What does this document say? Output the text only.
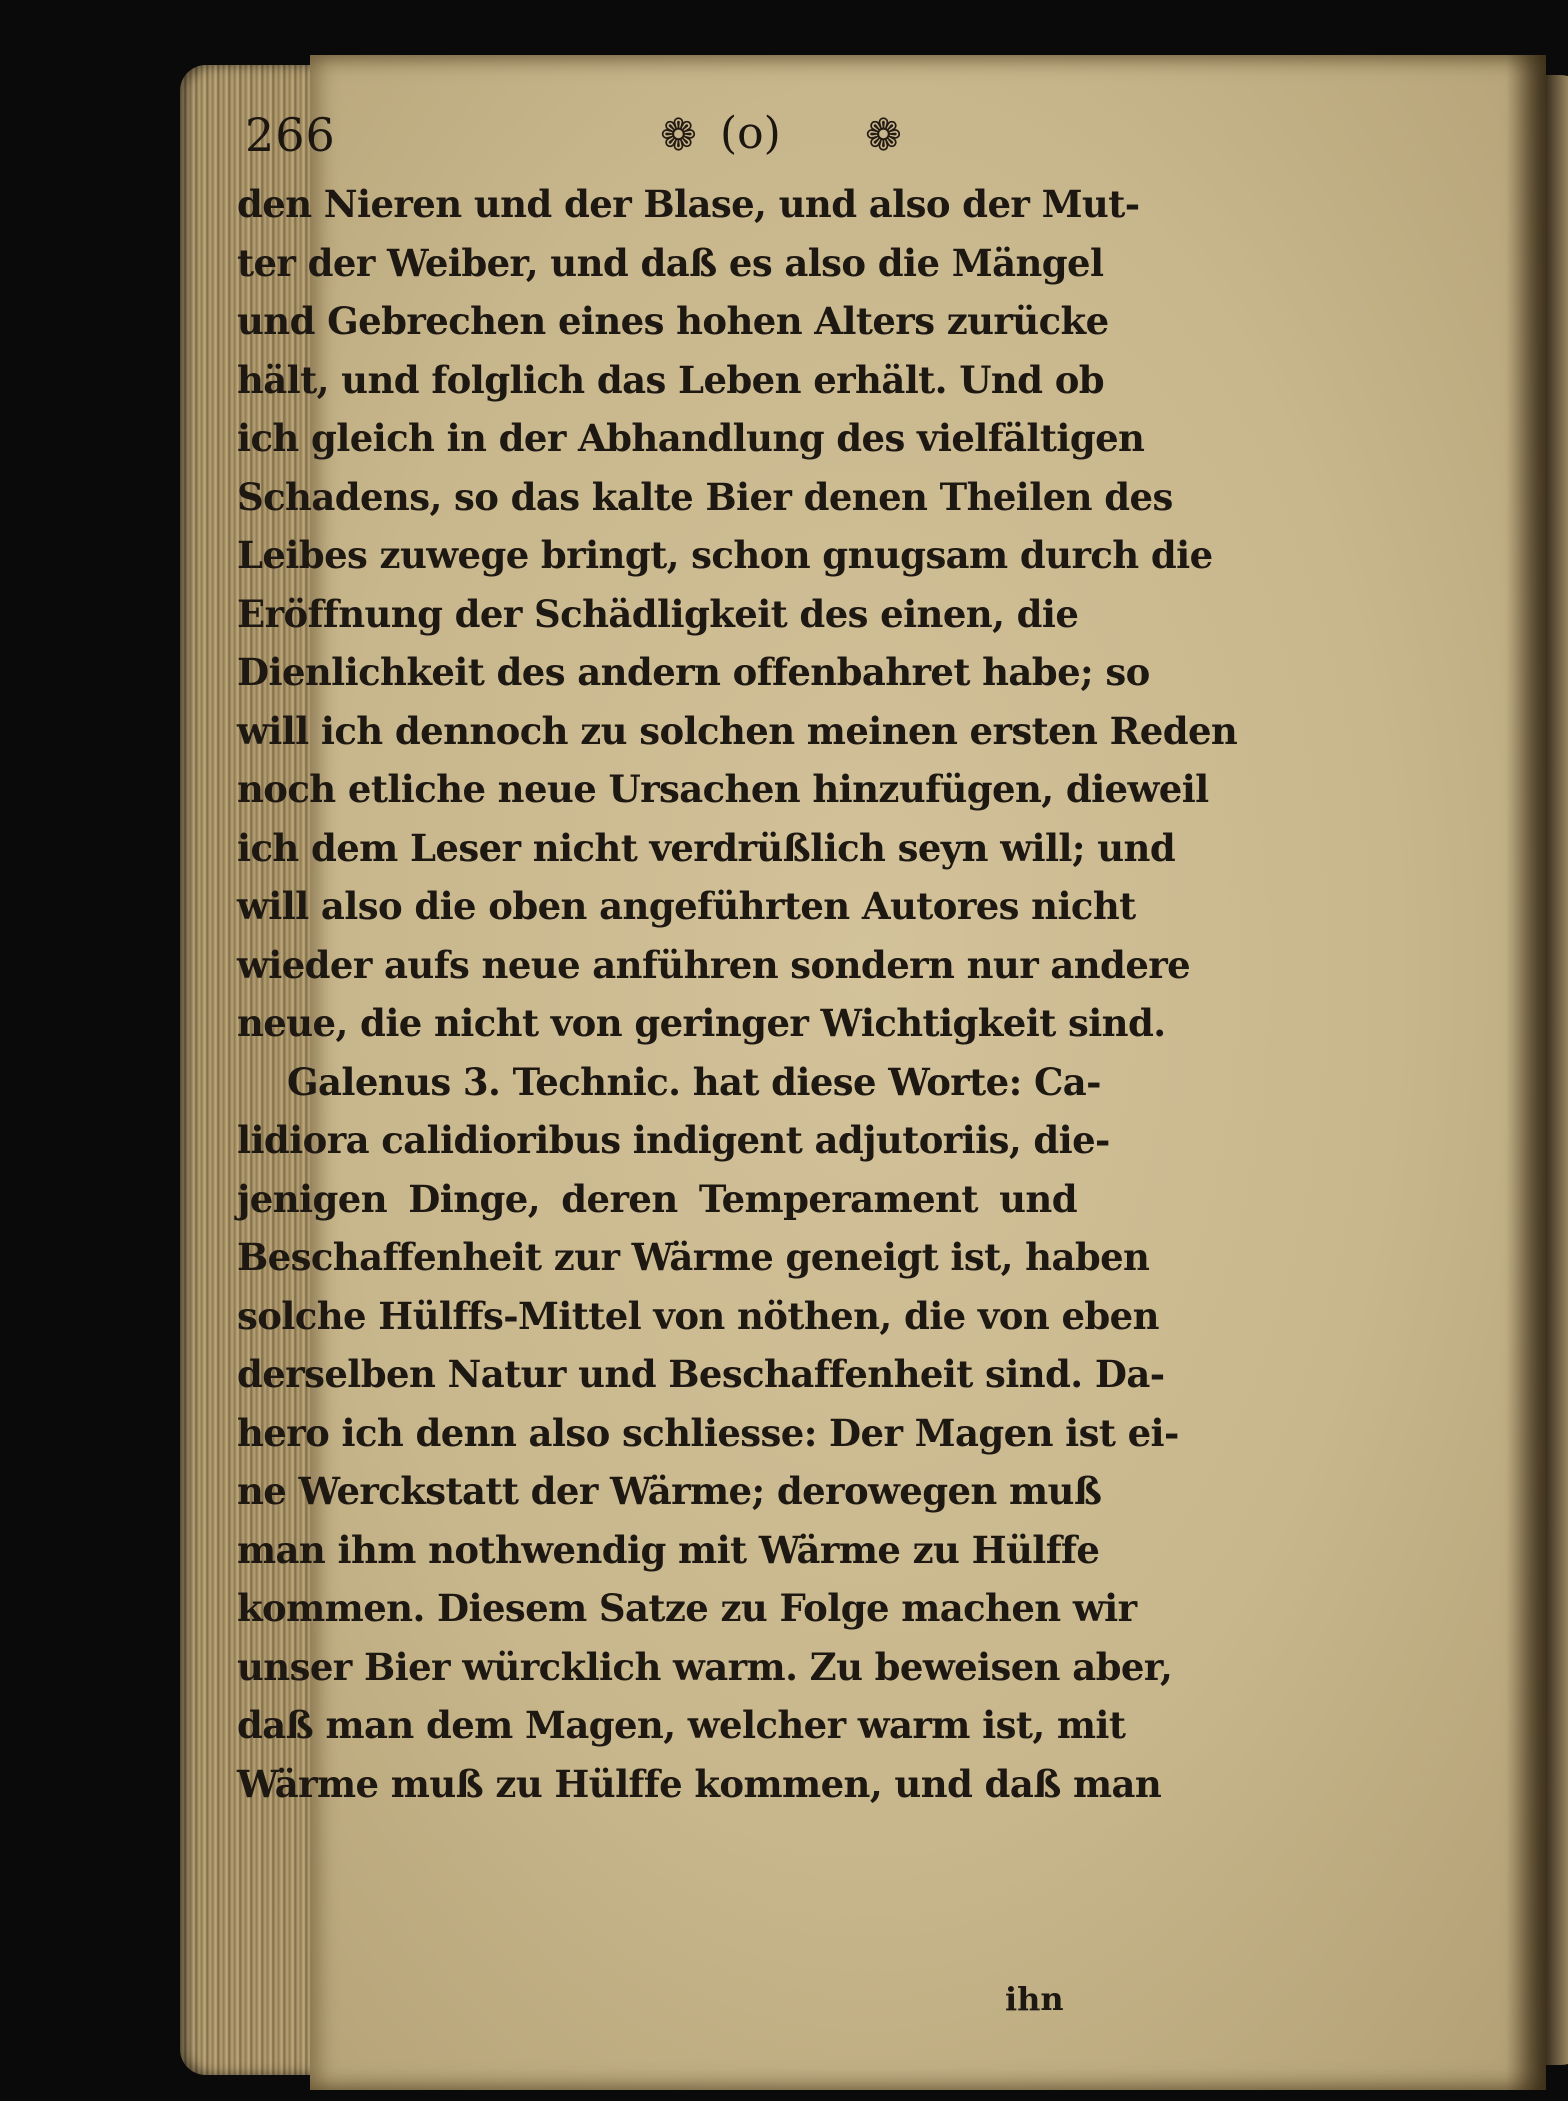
266	❁ (o) ❁
den Nieren und der Blase, und also der Mut-
ter der Weiber, und daß es also die Mängel
und Gebrechen eines hohen Alters zurücke
hält, und folglich das Leben erhält. Und ob
ich gleich in der Abhandlung des vielfältigen
Schadens, so das kalte Bier denen Theilen des
Leibes zuwege bringt, schon gnugsam durch die
Eröffnung der Schädligkeit des einen, die
Dienlichkeit des andern offenbahret habe; so
will ich dennoch zu solchen meinen ersten Reden
noch etliche neue Ursachen hinzufügen, dieweil
ich dem Leser nicht verdrüßlich seyn will; und
will also die oben angeführten Autores nicht
wieder aufs neue anführen sondern nur andere
neue, die nicht von geringer Wichtigkeit sind.
Galenus 3. Technic. hat diese Worte: Ca-
lidiora calidioribus indigent adjutoriis, die-
jenigen Dinge, deren Temperament und
Beschaffenheit zur Wärme geneigt ist, haben
solche Hülffs-Mittel von nöthen, die von eben
derselben Natur und Beschaffenheit sind. Da-
hero ich denn also schliesse: Der Magen ist ei-
ne Werckstatt der Wärme; derowegen muß
man ihm nothwendig mit Wärme zu Hülffe
kommen. Diesem Satze zu Folge machen wir
unser Bier würcklich warm. Zu beweisen aber,
daß man dem Magen, welcher warm ist, mit
Wärme muß zu Hülffe kommen, und daß man
ihn
